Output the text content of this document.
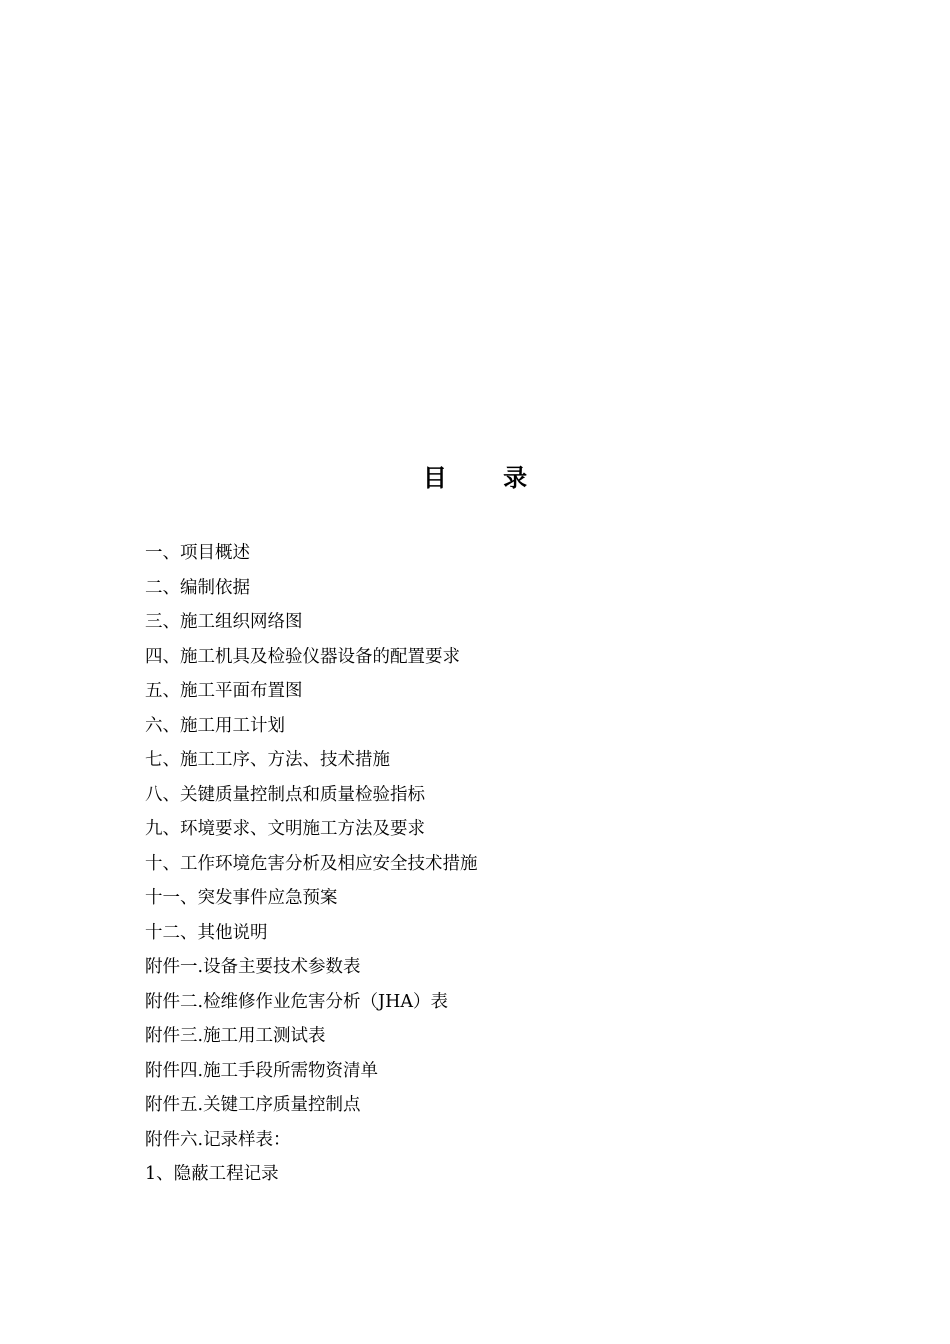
目 录
一、项目概述
二、编制依据
三、施工组织网络图
四、施工机具及检验仪器设备的配置要求
五、施工平面布置图
六、施工用工计划
七、施工工序、方法、技术措施
八、关键质量控制点和质量检验指标
九、环境要求、文明施工方法及要求
十、工作环境危害分析及相应安全技术措施
十一、突发事件应急预案
十二、其他说明
附件一.设备主要技术参数表
附件二.检维修作业危害分析（JHA）表
附件三.施工用工测试表
附件四.施工手段所需物资清单
附件五.关键工序质量控制点
附件六.记录样表：
1、隐蔽工程记录
